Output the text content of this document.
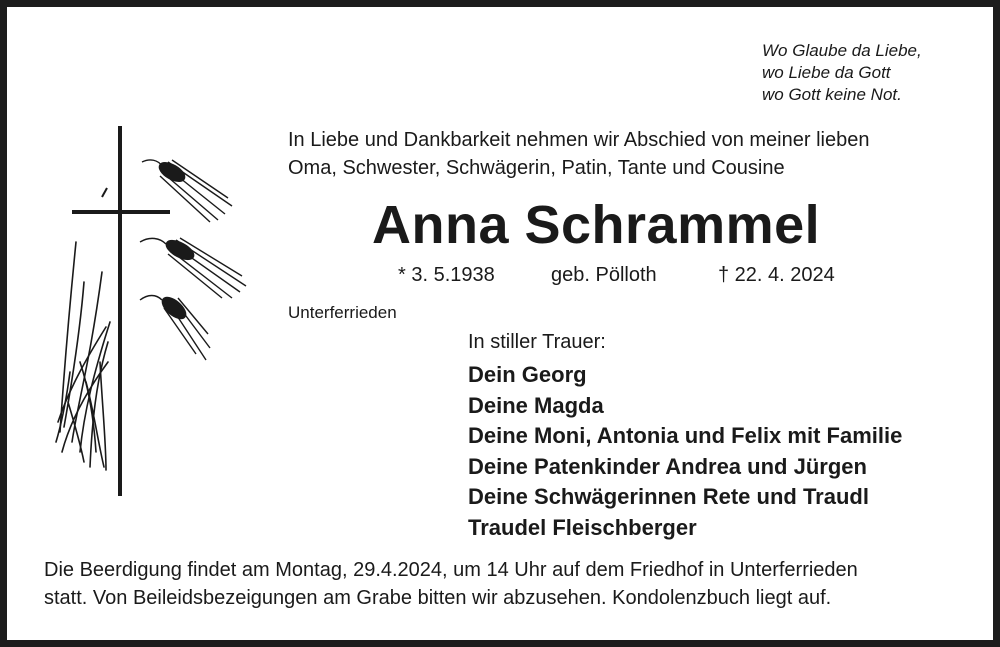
Wo Glaube da Liebe,
wo Liebe da Gott
wo Gott keine Not.
In Liebe und Dankbarkeit nehmen wir Abschied von meiner lieben
Oma, Schwester, Schwägerin, Patin, Tante und Cousine
Anna Schrammel
* 3. 5.1938	geb. Pölloth	† 22. 4. 2024
Unterferrieden
In stiller Trauer:
Dein Georg
Deine Magda
Deine Moni, Antonia und Felix mit Familie
Deine Patenkinder Andrea und Jürgen
Deine Schwägerinnen Rete und Traudl
Traudel Fleischberger
Die Beerdigung findet am Montag, 29.4.2024, um 14 Uhr auf dem Friedhof in Unterferrieden
statt. Von Beileidsbezeigungen am Grabe bitten wir abzusehen. Kondolenzbuch liegt auf.
